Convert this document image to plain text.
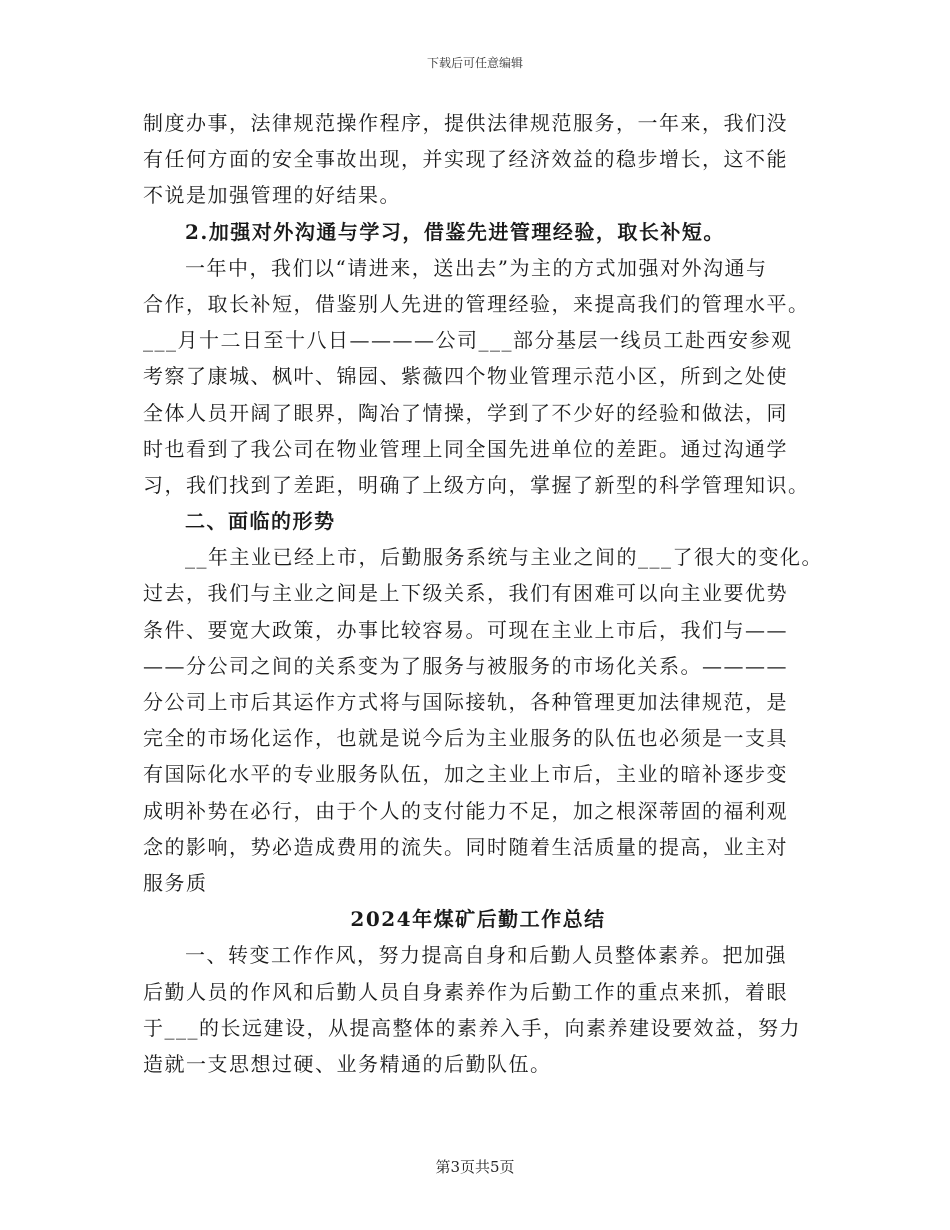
下载后可任意编辑
制度办事，法律规范操作程序，提供法律规范服务，一年来，我们没
有任何方面的安全事故出现，并实现了经济效益的稳步增长，这不能
不说是加强管理的好结果。
2.加强对外沟通与学习，借鉴先进管理经验，取长补短。
一年中，我们以“请进来，送出去”为主的方式加强对外沟通与
合作，取长补短，借鉴别人先进的管理经验，来提高我们的管理水平。
___月十二日至十八日————公司___部分基层一线员工赴西安参观
考察了康城、枫叶、锦园、紫薇四个物业管理示范小区，所到之处使
全体人员开阔了眼界，陶冶了情操，学到了不少好的经验和做法，同
时也看到了我公司在物业管理上同全国先进单位的差距。通过沟通学
习，我们找到了差距，明确了上级方向，掌握了新型的科学管理知识。
二、面临的形势
__年主业已经上市，后勤服务系统与主业之间的___了很大的变化。
过去，我们与主业之间是上下级关系，我们有困难可以向主业要优势
条件、要宽大政策，办事比较容易。可现在主业上市后，我们与——
——分公司之间的关系变为了服务与被服务的市场化关系。————
分公司上市后其运作方式将与国际接轨，各种管理更加法律规范，是
完全的市场化运作，也就是说今后为主业服务的队伍也必须是一支具
有国际化水平的专业服务队伍，加之主业上市后，主业的暗补逐步变
成明补势在必行，由于个人的支付能力不足，加之根深蒂固的福利观
念的影响，势必造成费用的流失。同时随着生活质量的提高，业主对
服务质
2024年煤矿后勤工作总结
一、转变工作作风，努力提高自身和后勤人员整体素养。把加强
后勤人员的作风和后勤人员自身素养作为后勤工作的重点来抓，着眼
于___的长远建设，从提高整体的素养入手，向素养建设要效益，努力
造就一支思想过硬、业务精通的后勤队伍。
第3页共5页
